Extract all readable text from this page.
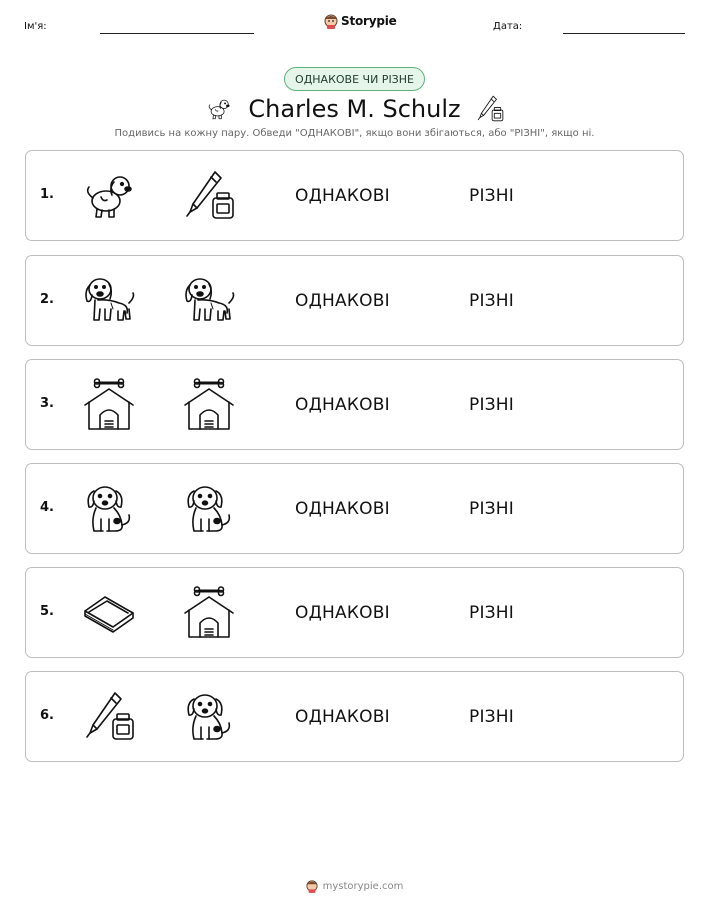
Ім'я:	Storypie	Дата:
ОДНАКОВЕ ЧИ РІЗНЕ
Charles M. Schulz
Подивись на кожну пару. Обведи "ОДНАКОВІ", якщо вони збігаються, або "РІЗНІ", якщо ні.
1.	ОДНАКОВІ	РІЗНІ
2.	ОДНАКОВІ	РІЗНІ
3.	ОДНАКОВІ	РІЗНІ
4.	ОДНАКОВІ	РІЗНІ
5.	ОДНАКОВІ	РІЗНІ
6.	ОДНАКОВІ	РІЗНІ
mystorypie.com
